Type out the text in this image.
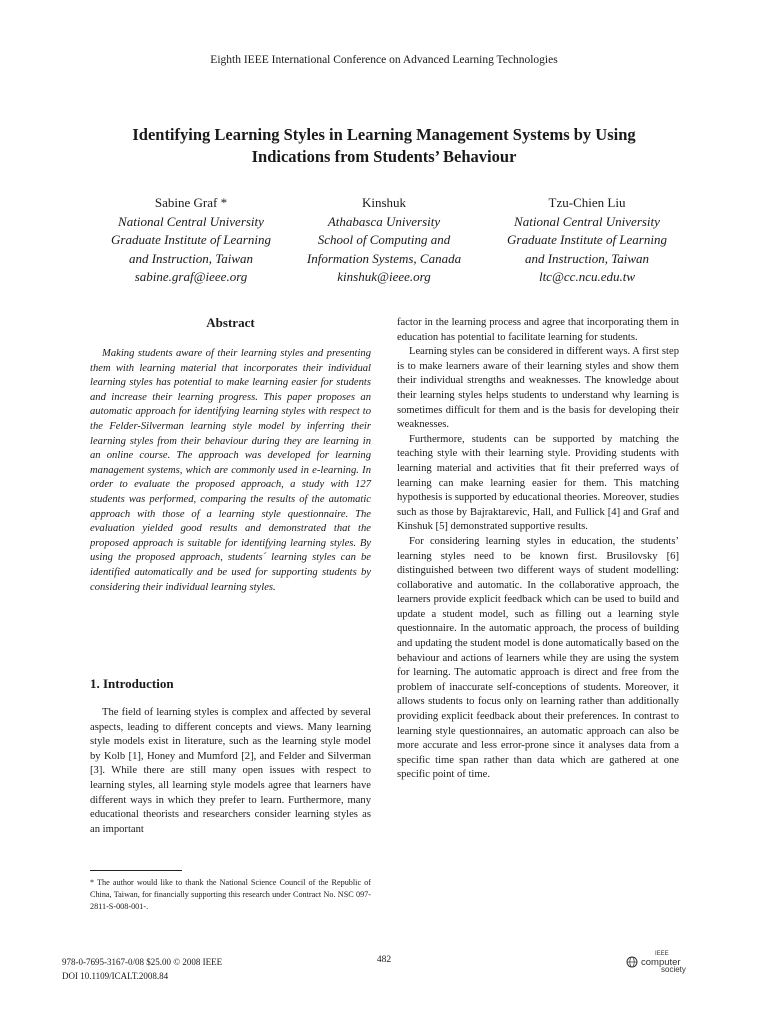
Eighth IEEE International Conference on Advanced Learning Technologies
Identifying Learning Styles in Learning Management Systems by Using
Indications from Students’ Behaviour
Sabine Graf *
National Central University
Graduate Institute of Learning
and Instruction, Taiwan
sabine.graf@ieee.org
Kinshuk
Athabasca University
School of Computing and
Information Systems, Canada
kinshuk@ieee.org
Tzu-Chien Liu
National Central University
Graduate Institute of Learning
and Instruction, Taiwan
ltc@cc.ncu.edu.tw
Abstract

Making students aware of their learning styles and presenting them with learning material that incorporates their individual learning styles has potential to make learning easier for students and increase their learning progress. This paper proposes an automatic approach for identifying learning styles with respect to the Felder-Silverman learning style model by inferring their learning styles from their behaviour during they are learning in an online course. The approach was developed for learning management systems, which are commonly used in e-learning. In order to evaluate the proposed approach, a study with 127 students was performed, comparing the results of the automatic approach with those of a learning style questionnaire. The evaluation yielded good results and demonstrated that the proposed approach is suitable for identifying learning styles. By using the proposed approach, students´ learning styles can be identified automatically and be used for supporting students by considering their individual learning styles.

1. Introduction

The field of learning styles is complex and affected by several aspects, leading to different concepts and views. Many learning style models exist in literature, such as the learning style model by Kolb [1], Honey and Mumford [2], and Felder and Silverman [3]. While there are still many open issues with respect to learning styles, all learning style models agree that learners have different ways in which they prefer to learn. Furthermore, many educational theorists and researchers consider learning styles as an important

* The author would like to thank the National Science Council of the Republic of China, Taiwan, for financially supporting this research under Contract No. NSC 097-2811-S-008-001-.

factor in the learning process and agree that incorporating them in education has potential to facilitate learning for students.

Learning styles can be considered in different ways. A first step is to make learners aware of their learning styles and show them their individual strengths and weaknesses. The knowledge about their learning styles helps students to understand why learning is sometimes difficult for them and is the basis for developing their weaknesses.

Furthermore, students can be supported by matching the teaching style with their learning style. Providing students with learning material and activities that fit their preferred ways of learning can make learning easier for them. This matching hypothesis is supported by educational theories. Moreover, studies such as those by Bajraktarevic, Hall, and Fullick [4] and Graf and Kinshuk [5] demonstrated supportive results.

For considering learning styles in education, the students’ learning styles need to be known first. Brusilovsky [6] distinguished between two different ways of student modelling: collaborative and automatic. In the collaborative approach, the learners provide explicit feedback which can be used to build and update a student model, such as filling out a learning style questionnaire. In the automatic approach, the process of building and updating the student model is done automatically based on the behaviour and actions of learners while they are using the system for learning. The automatic approach is direct and free from the problem of inaccurate self-conceptions of students. Moreover, it allows students to focus only on learning rather than additionally providing explicit feedback about their preferences. In contrast to learning style questionnaires, an automatic approach can also be more accurate and less error-prone since it analyses data from a specific time span rather than data which are gathered at one specific point of time.

978-0-7695-3167-0/08 $25.00 © 2008 IEEE
DOI 10.1109/ICALT.2008.84
482
IEEE
computer
society
